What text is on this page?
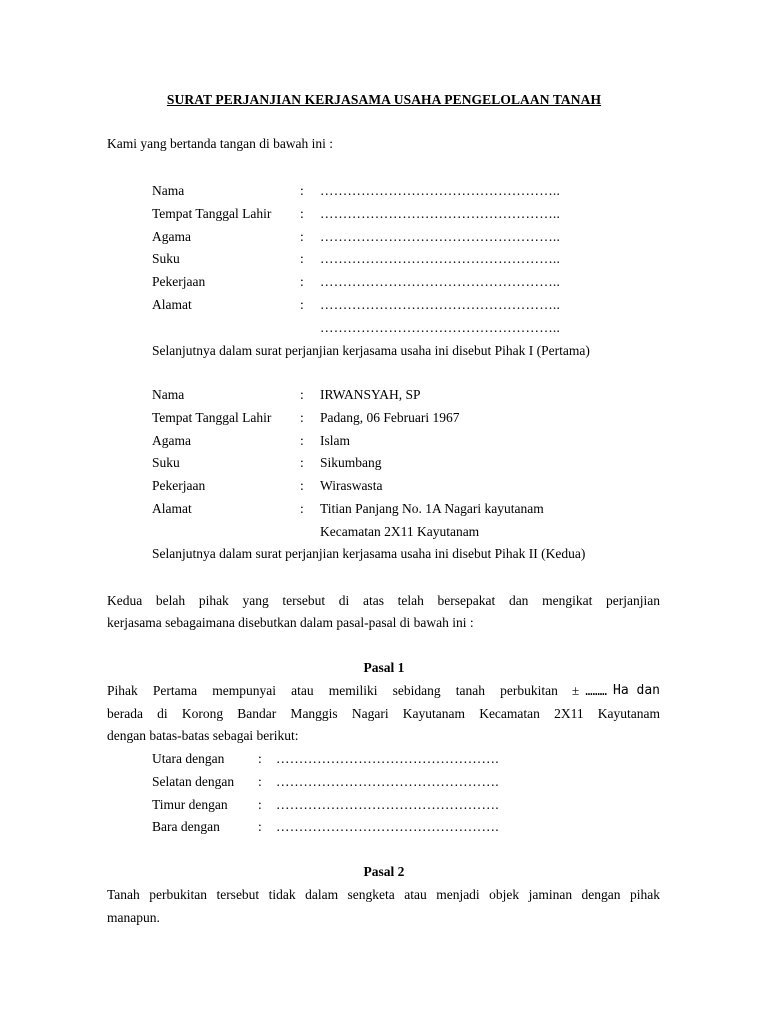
SURAT PERJANJIAN KERJASAMA USAHA PENGELOLAAN TANAH
Kami yang bertanda tangan di bawah ini :
Nama	: ……………………………………………..
Tempat Tanggal Lahir : ……………………………………………..
Agama	: ……………………………………………..
Suku	: ……………………………………………..
Pekerjaan	: ……………………………………………..
Alamat	: ……………………………………………..
……………………………………………..
Selanjutnya dalam surat perjanjian kerjasama usaha ini disebut Pihak I (Pertama)
Nama	: IRWANSYAH, SP
Tempat Tanggal Lahir : Padang, 06 Februari 1967
Agama	: Islam
Suku	: Sikumbang
Pekerjaan	: Wiraswasta
Alamat	: Titian Panjang No. 1A Nagari kayutanam
Kecamatan 2X11 Kayutanam
Selanjutnya dalam surat perjanjian kerjasama usaha ini disebut Pihak II (Kedua)
Kedua belah pihak yang tersebut di atas telah bersepakat dan mengikat perjanjian
kerjasama sebagaimana disebutkan dalam pasal-pasal di bawah ini :
Pasal 1
Pihak Pertama mempunyai atau memiliki sebidang tanah perbukitan	± ……… Ha dan
berada di Korong Bandar Manggis Nagari Kayutanam Kecamatan 2X11 Kayutanam
dengan batas-batas sebagai berikut:
Utara dengan : ………………………………………….
Selatan dengan : ………………………………………….
Timur dengan : ………………………………………….
Bara dengan	: ………………………………………….
Pasal 2
Tanah perbukitan tersebut tidak dalam sengketa atau menjadi objek jaminan dengan pihak
manapun.
